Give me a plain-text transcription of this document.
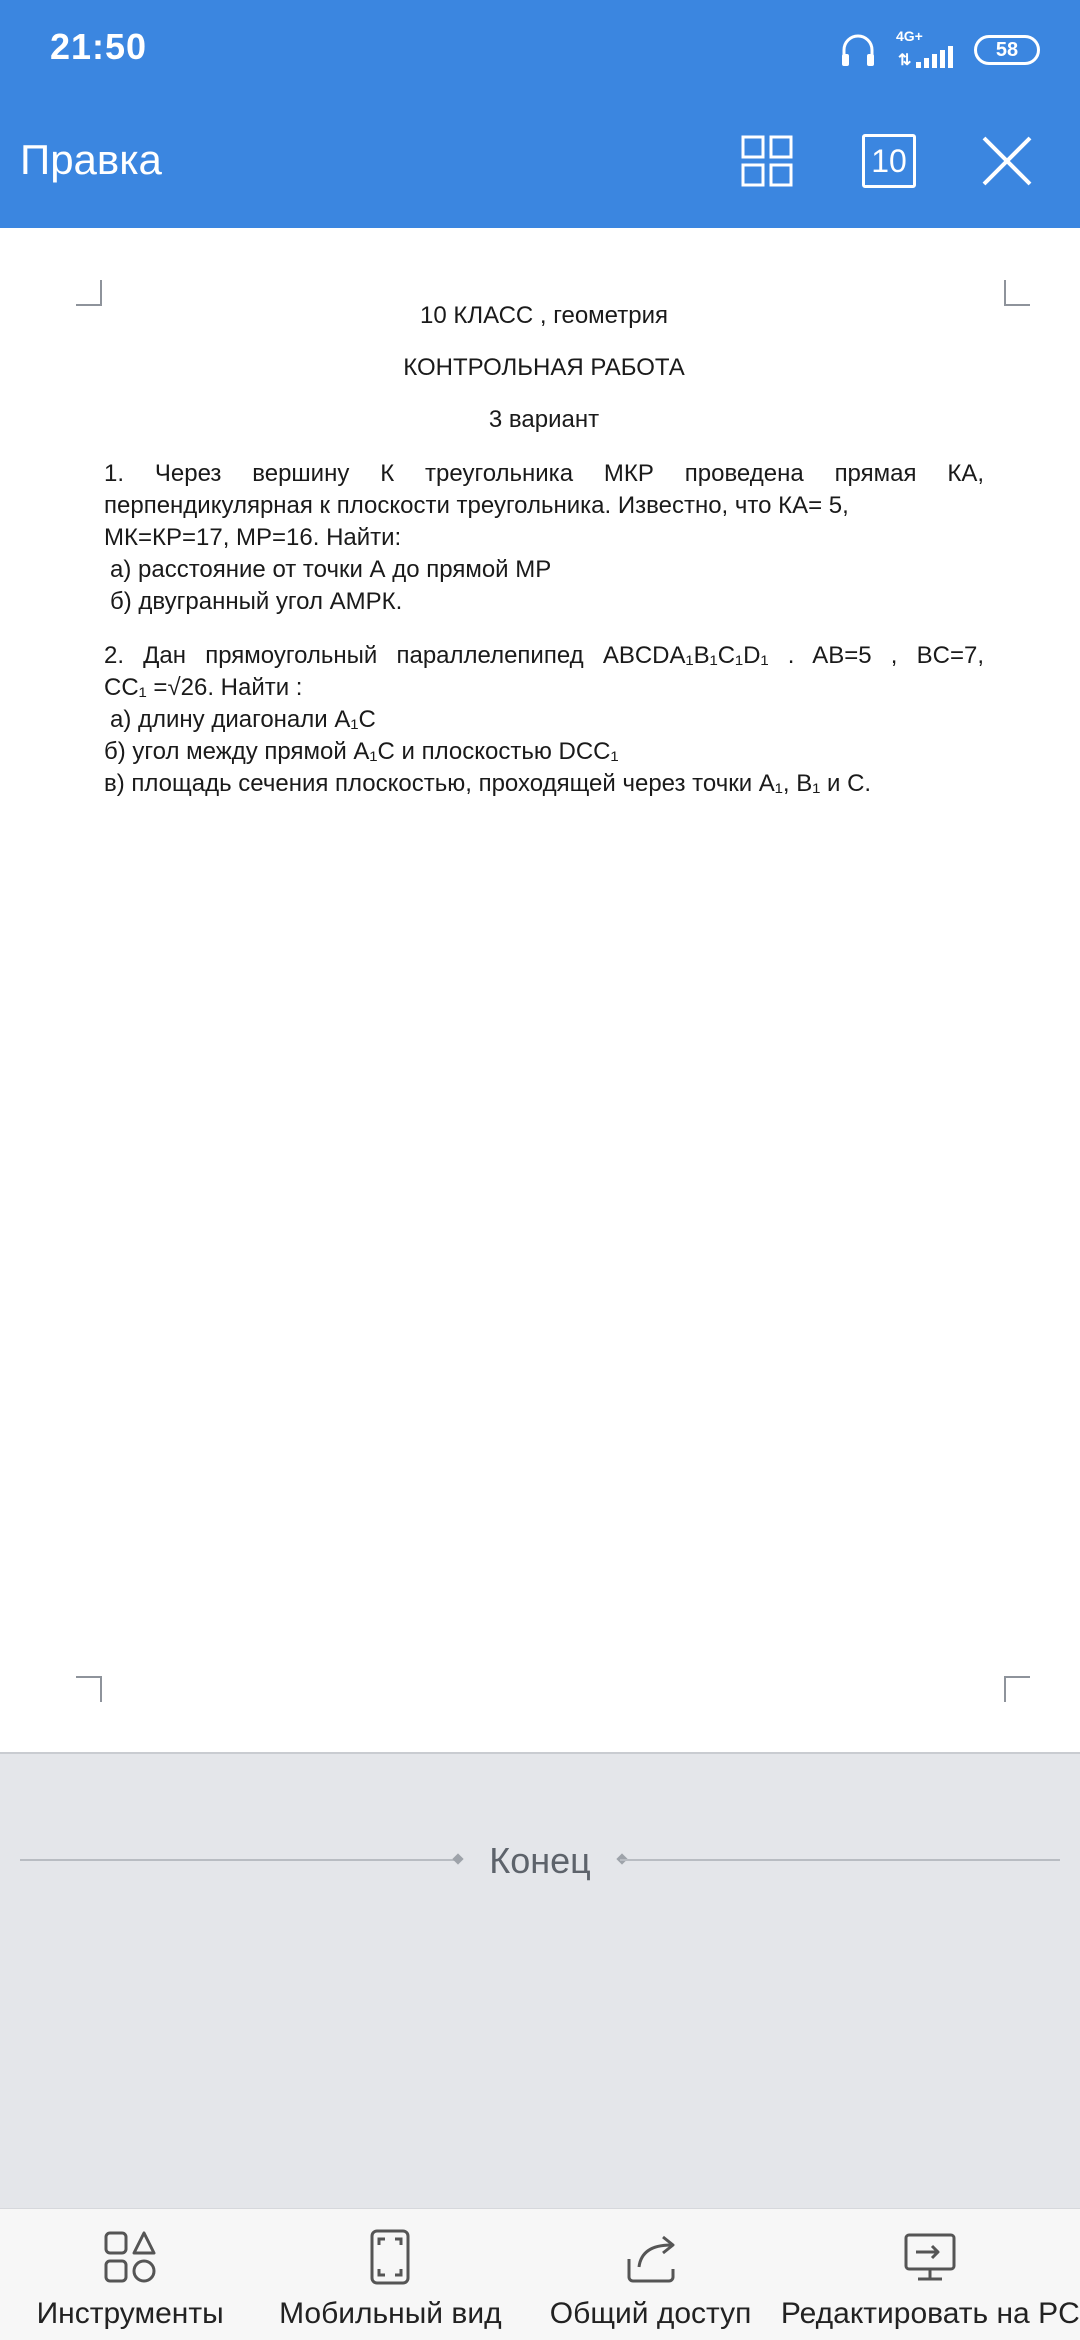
21:50	4G+
⇅	58
Правка	10
10 КЛАСС , геометрия
КОНТРОЛЬНАЯ РАБОТА
3 вариант

1. Через вершину К треугольника МКР проведена прямая КА,

перпендикулярная к плоскости треугольника. Известно, что КА= 5,

МК=КР=17, МР=16. Найти:

а) расстояние от точки А до прямой МР

б) двугранный угол АМРК.

2. Дан прямоугольный параллелепипед ABCDA₁B₁C₁D₁ . AB=5 , BC=7,

CC₁ =√26. Найти :

а) длину диагонали A₁C

б) угол между прямой A₁C и плоскостью DCC₁

в) площадь сечения плоскостью, проходящей через точки A₁, B₁ и C.

Конец
Инструменты Мобильный вид Общий доступ Редактировать на PC
